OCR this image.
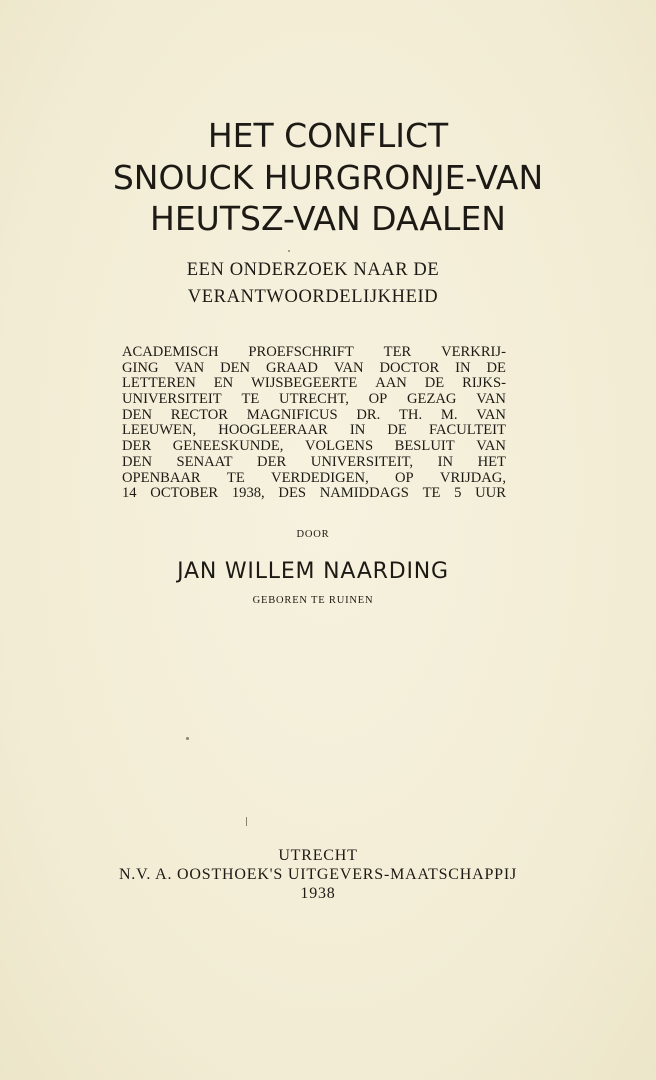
HET CONFLICT
SNOUCK HURGRONJE-VAN
HEUTSZ-VAN DAALEN
EEN ONDERZOEK NAAR DE
VERANTWOORDELIJKHEID
ACADEMISCH PROEFSCHRIFT TER VERKRIJ-
GING VAN DEN GRAAD VAN DOCTOR IN DE
LETTEREN EN WIJSBEGEERTE AAN DE RIJKS-
UNIVERSITEIT TE UTRECHT, OP GEZAG VAN
DEN RECTOR MAGNIFICUS DR. TH. M. VAN
LEEUWEN, HOOGLEERAAR IN DE FACULTEIT
DER GENEESKUNDE, VOLGENS BESLUIT VAN
DEN SENAAT DER UNIVERSITEIT, IN HET
OPENBAAR TE VERDEDIGEN, OP VRIJDAG,
14 OCTOBER 1938, DES NAMIDDAGS TE 5 UUR
DOOR
JAN WILLEM NAARDING
GEBOREN TE RUINEN
UTRECHT
N.V. A. OOSTHOEK'S UITGEVERS-MAATSCHAPPIJ
1938
